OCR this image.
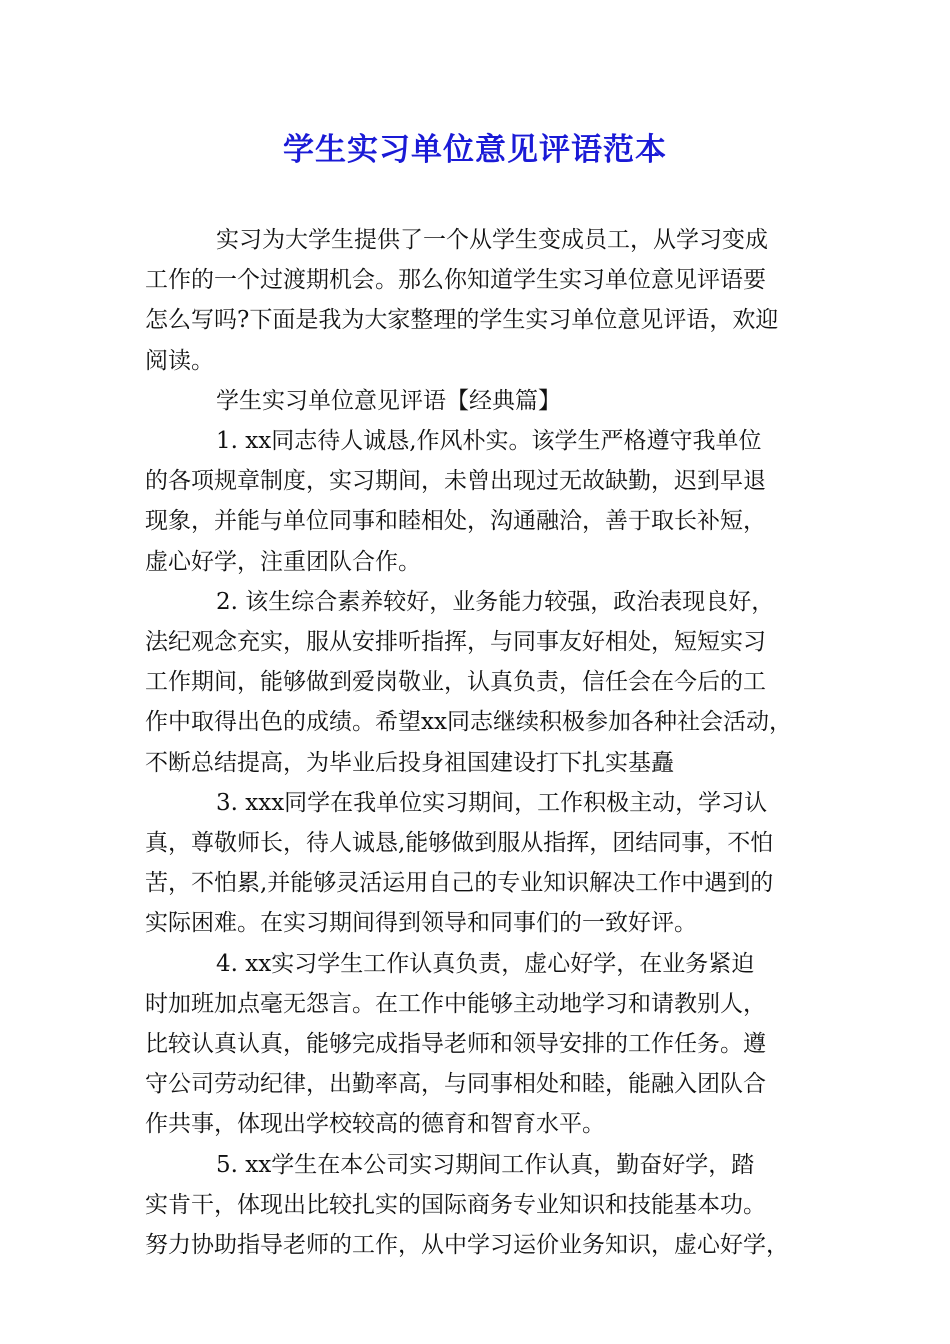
学生实习单位意见评语范本
实习为大学生提供了一个从学生变成员工，从学习变成
工作的一个过渡期机会。那么你知道学生实习单位意见评语要
怎么写吗?下面是我为大家整理的学生实习单位意见评语，欢迎
阅读。
学生实习单位意见评语【经典篇】
1. xx同志待人诚恳,作风朴实。该学生严格遵守我单位
的各项规章制度，实习期间，未曾出现过无故缺勤，迟到早退
现象，并能与单位同事和睦相处，沟通融洽，善于取长补短，
虚心好学，注重团队合作。
2. 该生综合素养较好，业务能力较强，政治表现良好，
法纪观念充实，服从安排听指挥，与同事友好相处，短短实习
工作期间，能够做到爱岗敬业，认真负责，信任会在今后的工
作中取得出色的成绩。希望xx同志继续积极参加各种社会活动，
不断总结提高，为毕业后投身祖国建设打下扎实基矗
3. xxx同学在我单位实习期间，工作积极主动，学习认
真，尊敬师长，待人诚恳,能够做到服从指挥，团结同事，不怕
苦，不怕累,并能够灵活运用自己的专业知识解决工作中遇到的
实际困难。在实习期间得到领导和同事们的一致好评。
4. xx实习学生工作认真负责，虚心好学，在业务紧迫
时加班加点毫无怨言。在工作中能够主动地学习和请教别人，
比较认真认真，能够完成指导老师和领导安排的工作任务。遵
守公司劳动纪律，出勤率高，与同事相处和睦，能融入团队合
作共事，体现出学校较高的德育和智育水平。
5. xx学生在本公司实习期间工作认真，勤奋好学，踏
实肯干，体现出比较扎实的国际商务专业知识和技能基本功。
努力协助指导老师的工作，从中学习运价业务知识，虚心好学，
